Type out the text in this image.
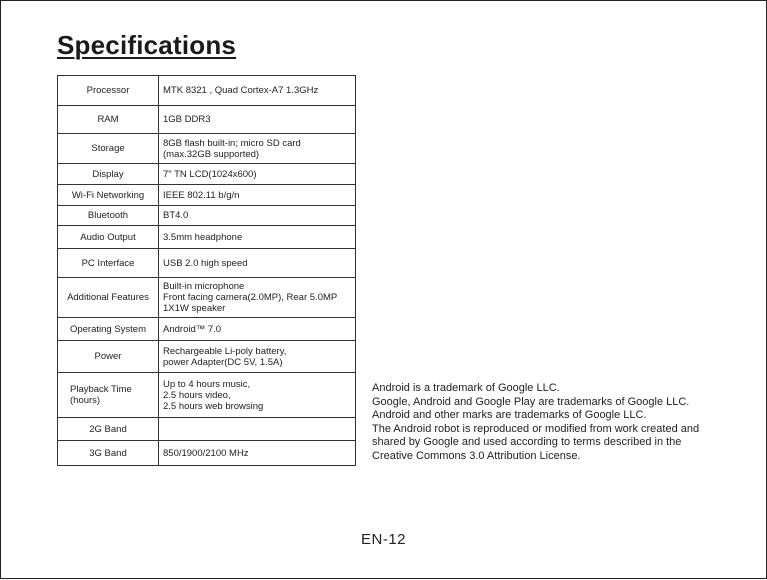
Specifications
Processor	MTK 8321 , Quad Cortex-A7 1.3GHz
RAM	1GB DDR3
Storage	8GB flash built-in; micro SD card
(max.32GB supported)

Display	7" TN LCD(1024x600)
Wi-Fi Networking	IEEE 802.11 b/g/n
Bluetooth	BT4.0
Audio Output	3.5mm headphone
PC Interface	USB 2.0 high speed
Additional Features	Built-in microphone
Front facing camera(2.0MP), Rear 5.0MP
1X1W speaker

Operating System	Android™ 7.0
Power	Rechargeable Li-poly battery,
power Adapter(DC 5V, 1.5A)

Playback Time
(hours)	Up to 4 hours music,
2.5 hours video,
2.5 hours web browsing

2G Band	
3G Band	850/1900/2100 MHz

Android is a trademark of Google LLC.

Google, Android and Google Play are trademarks of Google LLC.

Android and other marks are trademarks of Google LLC.

The Android robot is reproduced or modified from work created and

shared by Google and used according to terms described in the

Creative Commons 3.0 Attribution License.

EN-12
